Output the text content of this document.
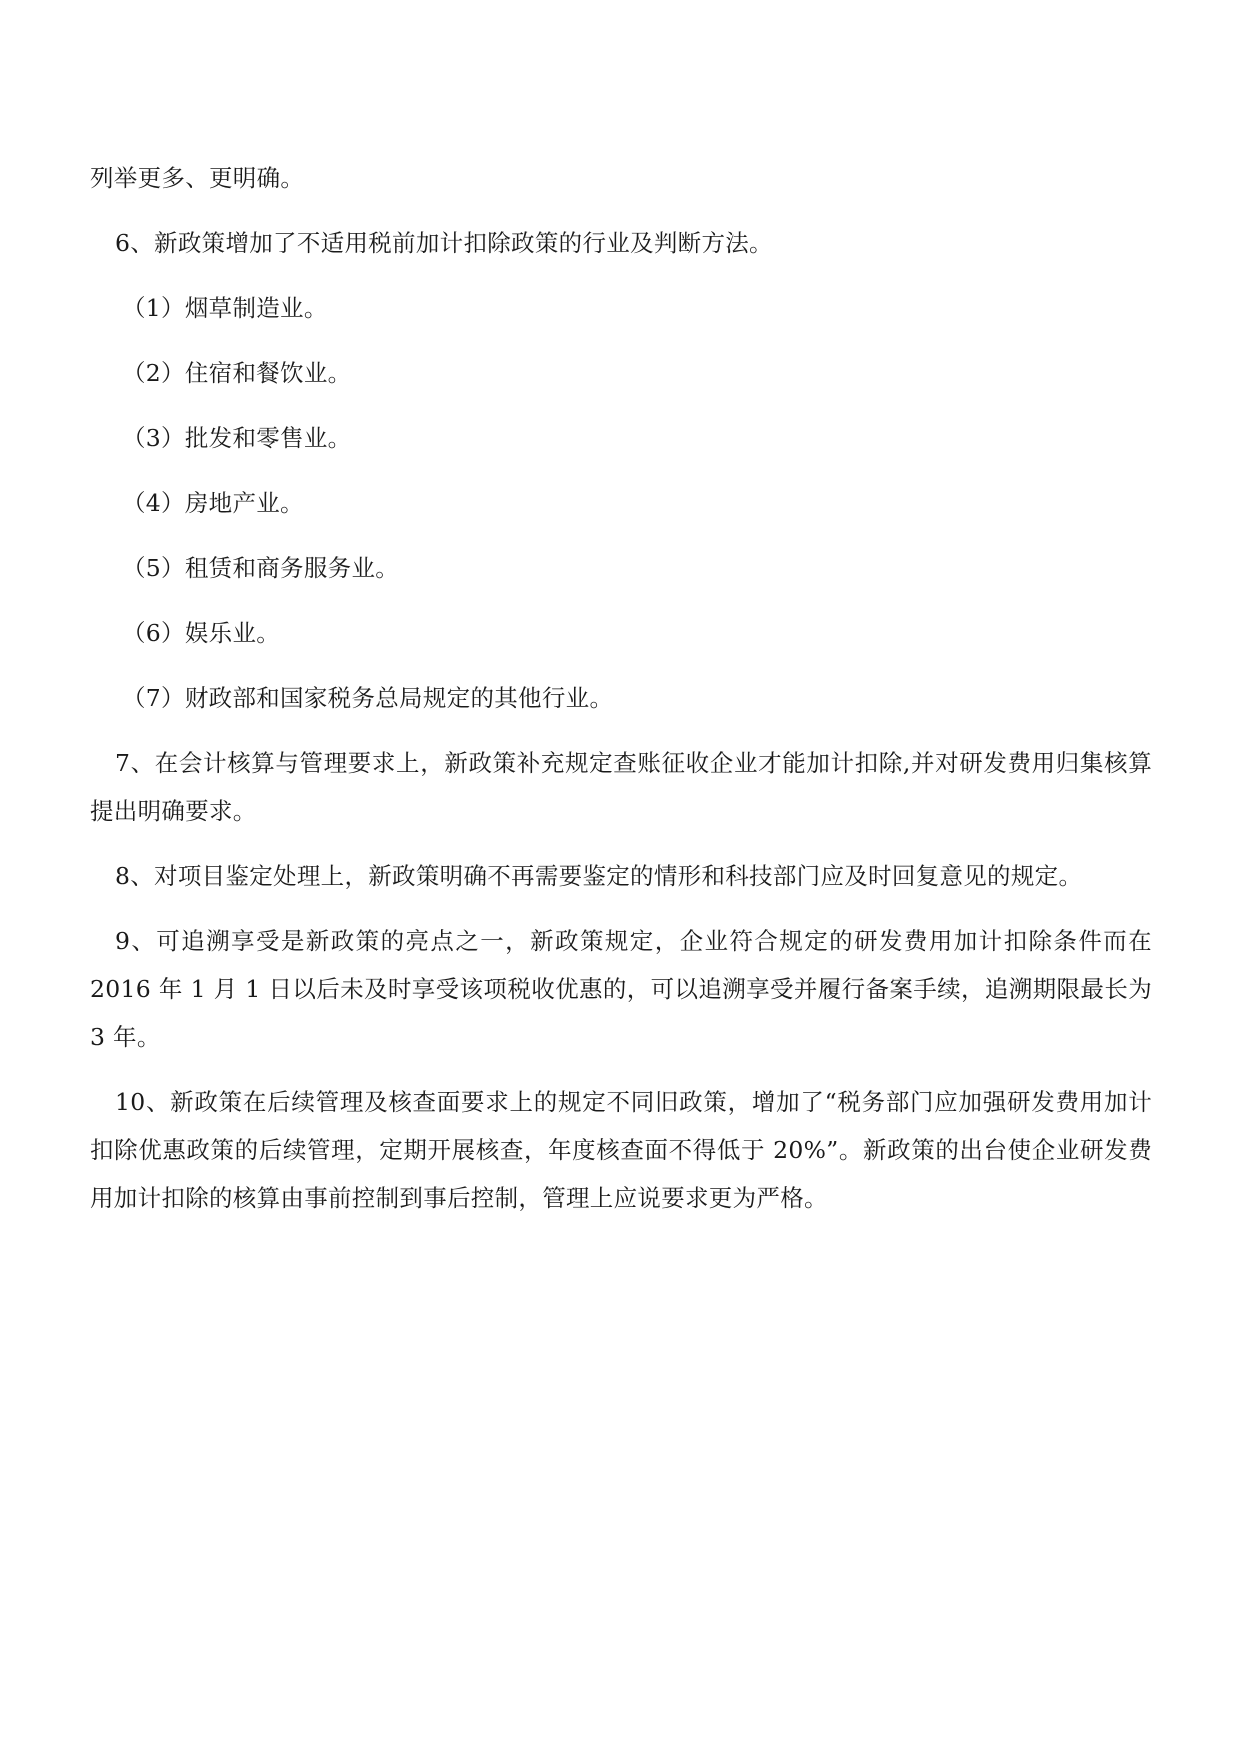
列举更多、更明确。

6、新政策增加了不适用税前加计扣除政策的行业及判断方法。

（1）烟草制造业。

（2）住宿和餐饮业。

（3）批发和零售业。

（4）房地产业。

（5）租赁和商务服务业。

（6）娱乐业。

（7）财政部和国家税务总局规定的其他行业。

7、在会计核算与管理要求上，新政策补充规定查账征收企业才能加计扣除,并对研发费用归集核算提出明确要求。

8、对项目鉴定处理上，新政策明确不再需要鉴定的情形和科技部门应及时回复意见的规定。

9、可追溯享受是新政策的亮点之一，新政策规定，企业符合规定的研发费用加计扣除条件而在 2016 年 1 月 1 日以后未及时享受该项税收优惠的，可以追溯享受并履行备案手续，追溯期限最长为 3 年。

10、新政策在后续管理及核查面要求上的规定不同旧政策，增加了“税务部门应加强研发费用加计扣除优惠政策的后续管理，定期开展核查，年度核查面不得低于 20%”。新政策的出台使企业研发费用加计扣除的核算由事前控制到事后控制，管理上应说要求更为严格。
